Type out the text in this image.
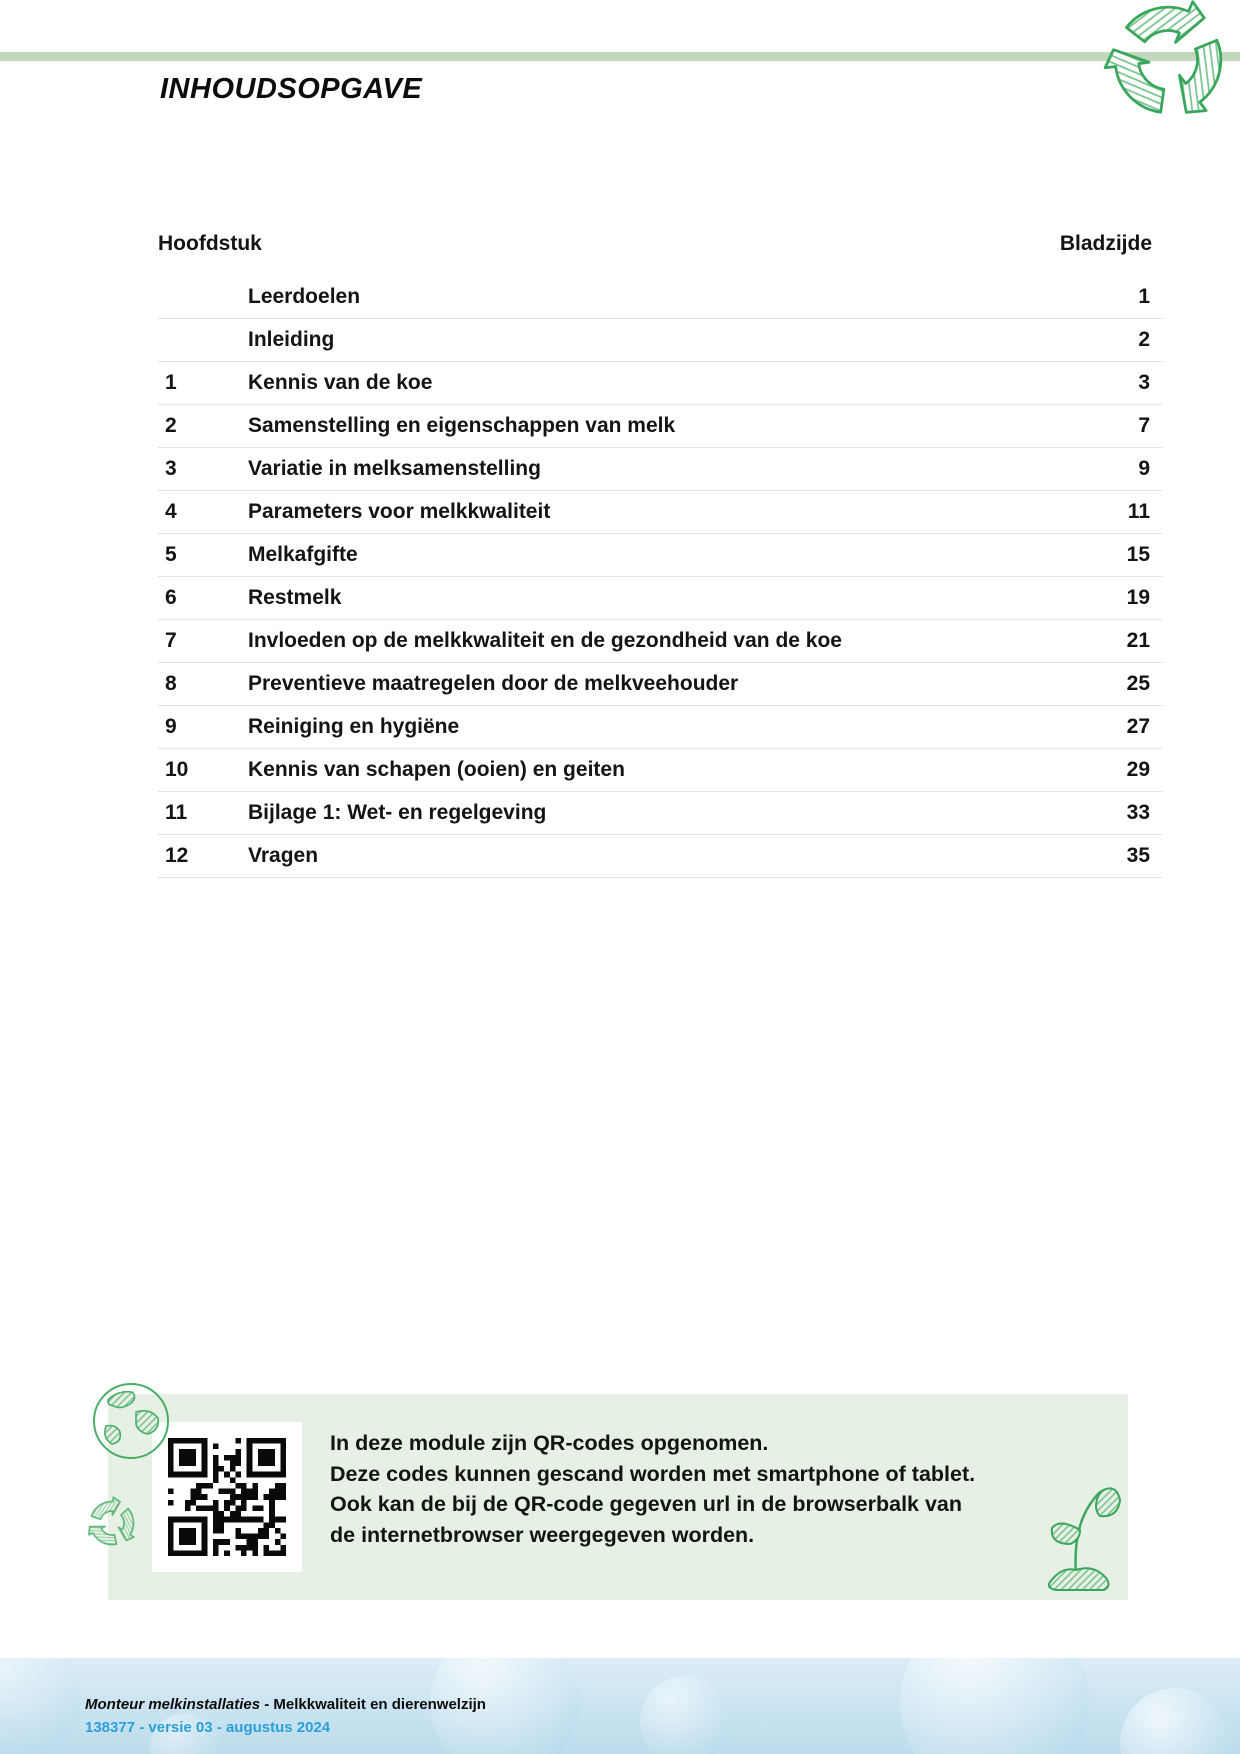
INHOUDSOPGAVE
Hoofdstuk	Bladzijde
Leerdoelen	1
Inleiding	2
1	Kennis van de koe	3
2	Samenstelling en eigenschappen van melk	7
3	Variatie in melksamenstelling	9
4	Parameters voor melkkwaliteit	11
5	Melkafgifte	15
6	Restmelk	19
7	Invloeden op de melkkwaliteit en de gezondheid van de koe	21
8	Preventieve maatregelen door de melkveehouder	25
9	Reiniging en hygiëne	27
10	Kennis van schapen (ooien) en geiten	29
11	Bijlage 1: Wet- en regelgeving	33
12	Vragen	35
In deze module zijn QR-codes opgenomen.
Deze codes kunnen gescand worden met smartphone of tablet.
Ook kan de bij de QR-code gegeven url in de browserbalk van
de internetbrowser weergegeven worden.
Monteur melkinstallaties - Melkkwaliteit en dierenwelzijn
138377 - versie 03 - augustus 2024
